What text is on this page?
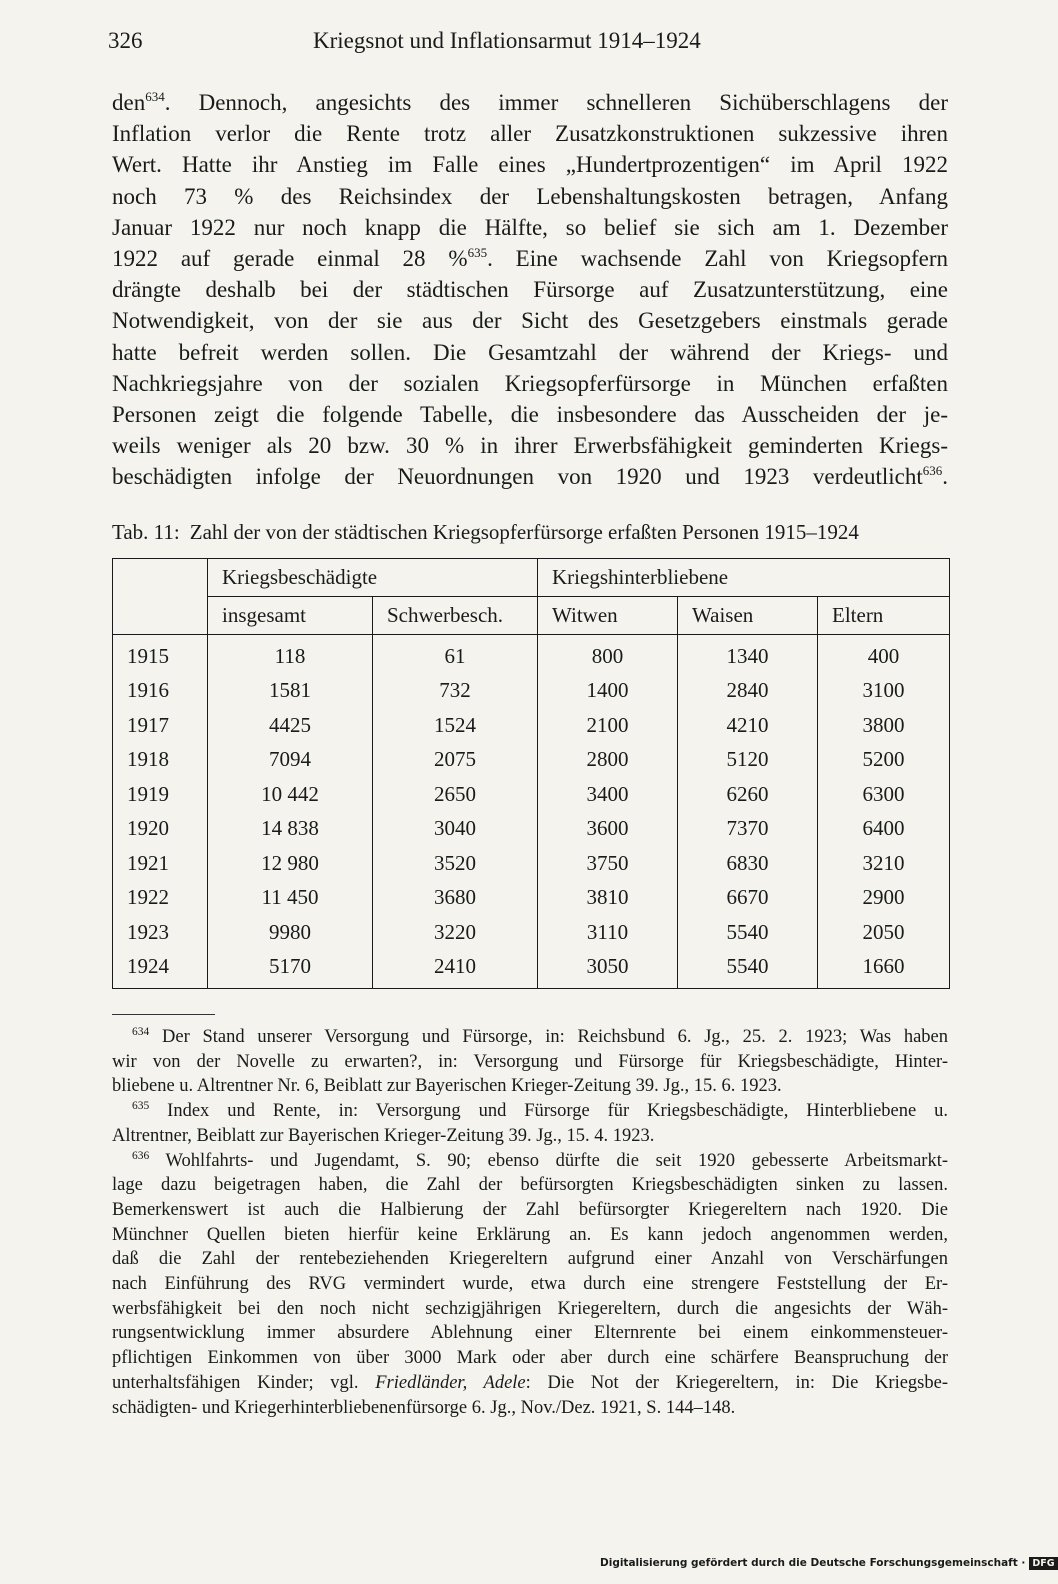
326	Kriegsnot und Inflationsarmut 1914–1924
den$^{634}$. Dennoch, angesichts des immer schnelleren Sichüberschlagens der
Inflation verlor die Rente trotz aller Zusatzkonstruktionen sukzessive ihren
Wert. Hatte ihr Anstieg im Falle eines „Hundertprozentigen“ im April 1922
noch 73 % des Reichsindex der Lebenshaltungskosten betragen, Anfang
Januar 1922 nur noch knapp die Hälfte, so belief sie sich am 1. Dezember
1922 auf gerade einmal 28 %$^{635}$. Eine wachsende Zahl von Kriegsopfern
drängte deshalb bei der städtischen Fürsorge auf Zusatzunterstützung, eine
Notwendigkeit, von der sie aus der Sicht des Gesetzgebers einstmals gerade
hatte befreit werden sollen. Die Gesamtzahl der während der Kriegs- und
Nachkriegsjahre von der sozialen Kriegsopferfürsorge in München erfaßten
Personen zeigt die folgende Tabelle, die insbesondere das Ausscheiden der je-
weils weniger als 20 bzw. 30 % in ihrer Erwerbsfähigkeit geminderten Kriegs-
beschädigten infolge der Neuordnungen von 1920 und 1923 verdeutlicht$^{636}$.
Tab. 11: Zahl der von der städtischen Kriegsopferfürsorge erfaßten Personen 1915–1924
	Kriegsbeschädigte		Kriegshinterbliebene		
	insgesamt	Schwerbesch.	Witwen	Waisen	Eltern
1915	118	61	800	1340	400
1916	1581	732	1400	2840	3100
1917	4425	1524	2100	4210	3800
1918	7094	2075	2800	5120	5200
1919	10 442	2650	3400	6260	6300
1920	14 838	3040	3600	7370	6400
1921	12 980	3520	3750	6830	3210
1922	11 450	3680	3810	6670	2900
1923	9980	3220	3110	5540	2050
1924	5170	2410	3050	5540	1660
$^{634}$ Der Stand unserer Versorgung und Fürsorge, in: Reichsbund 6. Jg., 25. 2. 1923; Was haben
wir von der Novelle zu erwarten?, in: Versorgung und Fürsorge für Kriegsbeschädigte, Hinter-
bliebene u. Altrentner Nr. 6, Beiblatt zur Bayerischen Krieger-Zeitung 39. Jg., 15. 6. 1923.
$^{635}$ Index und Rente, in: Versorgung und Fürsorge für Kriegsbeschädigte, Hinterbliebene u.
Altrentner, Beiblatt zur Bayerischen Krieger-Zeitung 39. Jg., 15. 4. 1923.
$^{636}$ Wohlfahrts- und Jugendamt, S. 90; ebenso dürfte die seit 1920 gebesserte Arbeitsmarkt-
lage dazu beigetragen haben, die Zahl der befürsorgten Kriegsbeschädigten sinken zu lassen.
Bemerkenswert ist auch die Halbierung der Zahl befürsorgter Kriegereltern nach 1920. Die
Münchner Quellen bieten hierfür keine Erklärung an. Es kann jedoch angenommen werden,
daß die Zahl der rentebeziehenden Kriegereltern aufgrund einer Anzahl von Verschärfungen
nach Einführung des RVG vermindert wurde, etwa durch eine strengere Feststellung der Er-
werbsfähigkeit bei den noch nicht sechzigjährigen Kriegereltern, durch die angesichts der Wäh-
rungsentwicklung immer absurdere Ablehnung einer Elternrente bei einem einkommensteuer-
pflichtigen Einkommen von über 3000 Mark oder aber durch eine schärfere Beanspruchung der
unterhaltsfähigen Kinder; vgl. Friedländer, Adele: Die Not der Kriegereltern, in: Die Kriegsbe-
schädigten- und Kriegerhinterbliebenenfürsorge 6. Jg., Nov./Dez. 1921, S. 144–148.
Digitalisierung gefördert durch die Deutsche Forschungsgemeinschaft · DFG
